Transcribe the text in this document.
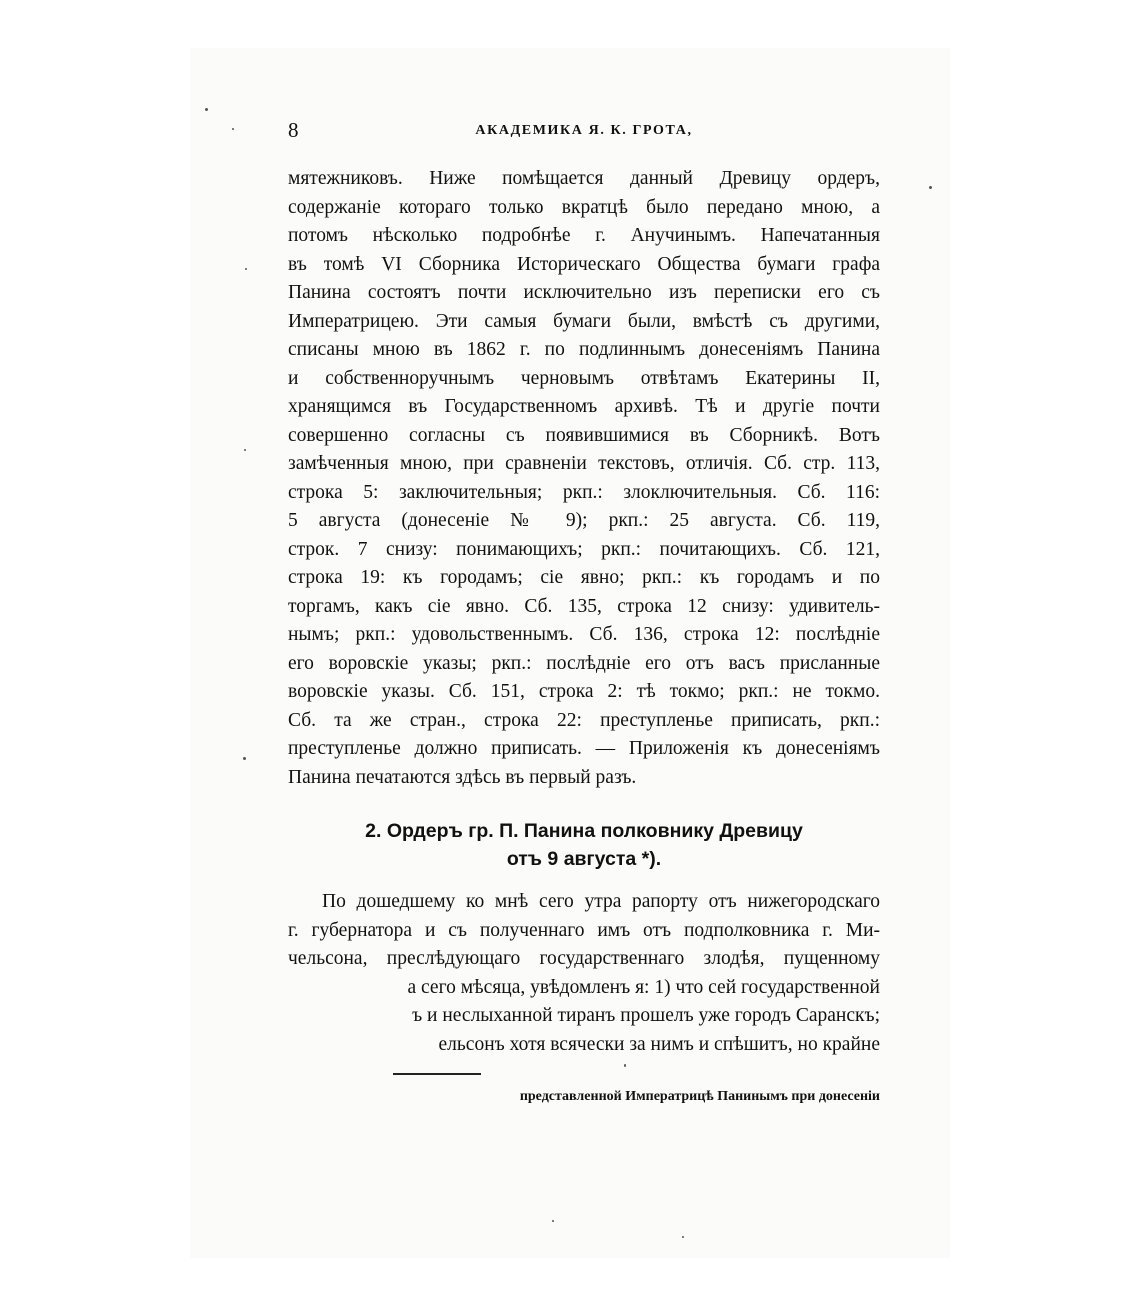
8	АКАДЕМИКА Я. К. ГРОТА,
мятежниковъ. Ниже помѣщается данный Древицу ордеръ,
содержаніе котораго только вкратцѣ было передано мною, а
потомъ нѣсколько подробнѣе г. Анучинымъ. Напечатанныя
въ томѣ VI Сборника Историческаго Общества бумаги графа
Панина состоятъ почти исключительно изъ переписки его съ
Императрицею. Эти самыя бумаги были, вмѣстѣ съ другими,
списаны мною въ 1862 г. по подлиннымъ донесеніямъ Панина
и собственноручнымъ черновымъ отвѣтамъ Екатерины II,
хранящимся въ Государственномъ архивѣ. Тѣ и другіе почти
совершенно согласны съ появившимися въ Сборникѣ. Вотъ
замѣченныя мною, при сравненіи текстовъ, отличія. Сб. стр. 113,
строка 5: заключительныя; ркп.: злоключительныя. Сб. 116:
5 августа (донесеніе № 9); ркп.: 25 августа. Сб. 119,
строк. 7 снизу: понимающихъ; ркп.: почитающихъ. Сб. 121,
строка 19: къ городамъ; сіе явно; ркп.: къ городамъ и по
торгамъ, какъ сіе явно. Сб. 135, строка 12 снизу: удивитель-
нымъ; ркп.: удовольственнымъ. Сб. 136, строка 12: послѣдніе
его воровскіе указы; ркп.: послѣдніе его отъ васъ присланные
воровскіе указы. Сб. 151, строка 2: тѣ токмо; ркп.: не токмо.
Сб. та же стран., строка 22: преступленье приписать, ркп.:
преступленье должно приписать. — Приложенія къ донесеніямъ
Панина печатаются здѣсь въ первый разъ.
2. Ордеръ гр. П. Панина полковнику Древицу
отъ 9 августа *).
По дошедшему ко мнѣ сего утра рапорту отъ нижегородскаго
г. губернатора и съ полученнаго имъ отъ подполковника г. Ми-
чельсона, преслѣдующаго государственнаго злодѣя, пущенному
а сего мѣсяца, увѣдомленъ я: 1) что сей государственной
ъ и неслыханной тиранъ прошелъ уже городъ Саранскъ;
ельсонъ хотя всячески за нимъ и спѣшитъ, но крайне
представленной Императрицѣ Панинымъ при донесеніи
